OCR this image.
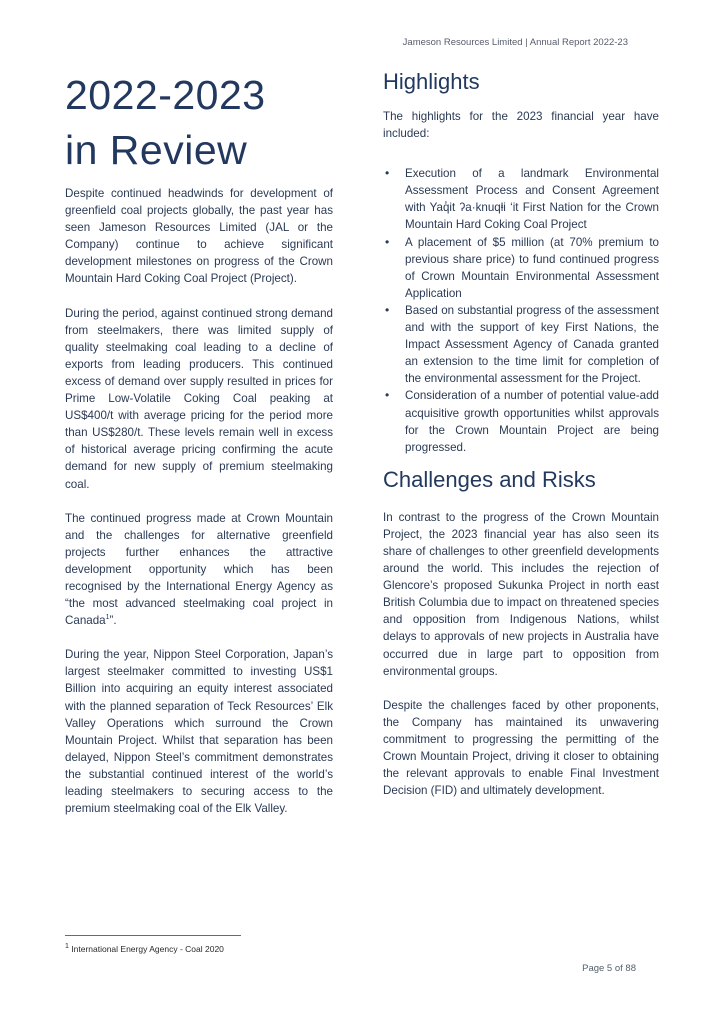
Jameson Resources Limited | Annual Report 2022-23
2022-2023
in Review

Despite continued headwinds for development of greenfield coal projects globally, the past year has seen Jameson Resources Limited (JAL or the Company) continue to achieve significant development milestones on progress of the Crown Mountain Hard Coking Coal Project (Project).

During the period, against continued strong demand from steelmakers, there was limited supply of quality steelmaking coal leading to a decline of exports from leading producers. This continued excess of demand over supply resulted in prices for Prime Low-Volatile Coking Coal peaking at US$400/t with average pricing for the period more than US$280/t. These levels remain well in excess of historical average pricing confirming the acute demand for new supply of premium steelmaking coal.

The continued progress made at Crown Mountain and the challenges for alternative greenfield projects further enhances the attractive development opportunity which has been recognised by the International Energy Agency as “the most advanced steelmaking coal project in Canada$^1$”.

During the year, Nippon Steel Corporation, Japan’s largest steelmaker committed to investing US$1 Billion into acquiring an equity interest associated with the planned separation of Teck Resources’ Elk Valley Operations which surround the Crown Mountain Project. Whilst that separation has been delayed, Nippon Steel’s commitment demonstrates the substantial continued interest of the world’s leading steelmakers to securing access to the premium steelmaking coal of the Elk Valley.

Highlights

The highlights for the 2023 financial year have included:

• Execution of a landmark Environmental Assessment Process and Consent Agreement with Yaq̓it ʔa·knuqⱡi ‘it First Nation for the Crown Mountain Hard Coking Coal Project
• A placement of $5 million (at 70% premium to previous share price) to fund continued progress of Crown Mountain Environmental Assessment Application
• Based on substantial progress of the assessment and with the support of key First Nations, the Impact Assessment Agency of Canada granted an extension to the time limit for completion of the environmental assessment for the Project.
• Consideration of a number of potential value-add acquisitive growth opportunities whilst approvals for the Crown Mountain Project are being progressed.
Challenges and Risks

In contrast to the progress of the Crown Mountain Project, the 2023 financial year has also seen its share of challenges to other greenfield developments around the world. This includes the rejection of Glencore’s proposed Sukunka Project in north east British Columbia due to impact on threatened species and opposition from Indigenous Nations, whilst delays to approvals of new projects in Australia have occurred due in large part to opposition from environmental groups.

Despite the challenges faced by other proponents, the Company has maintained its unwavering commitment to progressing the permitting of the Crown Mountain Project, driving it closer to obtaining the relevant approvals to enable Final Investment Decision (FID) and ultimately development.

$^1$ International Energy Agency - Coal 2020
Page 5 of 88
